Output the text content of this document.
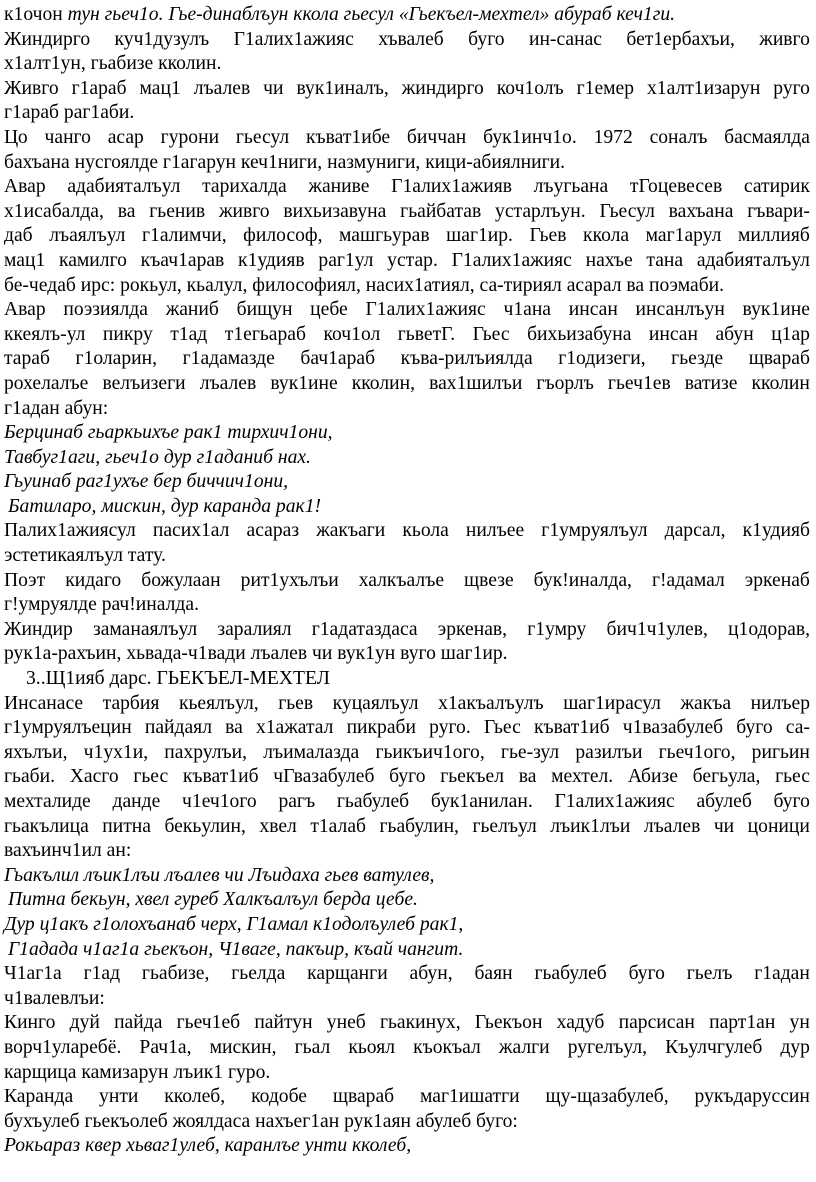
к1очон тун гьеч1о. Гье-динаблъун ккола гьесул «Гьекъел-мехтел» абураб кеч1ги.
Жиндирго куч1дузулъ Г1алих1ажияс хъвалеб буго ин-санас бет1ербахъи, живго
х1алт1ун, гьабизе кколин.
Живго г1араб мац1 лъалев чи вук1иналъ, жиндирго коч1олъ г1емер х1алт1изарун руго
г1араб раг1аби.
Цо чанго асар гурони гьесул къват1ибе биччан бук1инч1о. 1972 соналъ басмаялда
бахъана нусгоялде г1агарун кеч1ниги, назмуниги, кици-абиялниги.
Авар адабияталъул тарихалда жаниве Г1алих1ажияв лъугьана тГоцевесев сатирик
х1исабалда, ва гьенив живго вихьизавуна гьайбатав устарлъун. Гьесул вахъана гъвари-
даб лъаялъул г1алимчи, философ, машгьурав шаг1ир. Гьев ккола маг1арул миллияб
мац1 камилго къач1арав к1удияв раг1ул устар. Г1алих1ажияс нахъе тана адабияталъул
бе-чедаб ирс: рокьул, кьалул, философиял, насих1атиял, са-тириял асарал ва поэмаби.
Авар поэзиялда жаниб бищун цебе Г1алих1ажияс ч1ана инсан инсанлъун вук1ине
ккеялъ-ул пикру т1ад т1егьараб коч1ол гьветГ. Гьес бихьизабуна инсан абун ц1ар
тараб г1оларин, г1адамазде бач1араб къва-рилъиялда г1одизеги, гьезде щвараб
рохелалъе велъизеги лъалев вук1ине кколин, вах1шилъи гъорлъ гьеч1ев ватизе кколин
г1адан абун:
Берцинаб гьаркьихъе рак1 тирхич1они,
Тавбуг1аги, гьеч1о дур г1аданиб нах.
Гьуинаб раг1ухъе бер биччич1они,
Батиларо, мискин, дур каранда рак1!
Палих1ажиясул пасих1ал асараз жакъаги кьола нилъее г1умруялъул дарсал, к1удияб
эстетикаялъул тату.
Поэт кидаго божулаан рит1ухълъи халкъалъе щвезе бук!иналда, г!адамал эркенаб
г!умруялде рач!иналда.
Жиндир заманаялъул заралиял г1адатаздаса эркенав, г1умру бич1ч1улев, ц1одорав,
рук1а-рахъин, хьвада-ч1вади лъалев чи вук1ун вуго шаг1ир.
3..Щ1ияб дарс. ГЬЕКЪЕЛ-МЕХТЕЛ
Инсанасе тарбия кьеялъул, гьев куцаялъул х1акъалъулъ шаг1ирасул жакъа нилъер
г1умруялъецин пайдаял ва х1ажатал пикраби руго. Гьес къват1иб ч1вазабулеб буго са-
яхълъи, ч1ух1и, пахрулъи, лъималазда гьикъич1ого, гье-зул разилъи гьеч1ого, ригьин
гьаби. Хасго гьес къват1иб чГвазабулеб буго гьекъел ва мехтел. Абизе бегьула, гьес
мехталиде данде ч1еч1ого рагъ гьабулеб бук1анилан. Г1алих1ажияс абулеб буго
гьакълица питна бекьулин, хвел т1алаб гьабулин, гьелъул лъик1лъи лъалев чи цоници
вахъинч1ил ан:
Гьакълил лъик1лъи лъалев чи Лъидаха гьев ватулев,
Питна бекьун, хвел гуреб Халкъалъул берда цебе.
Дур ц1акъ г1олохъанаб черх, Г1амал к1одолъулеб рак1,
Г1адада ч1аг1а гьекъон, Ч1ваге, пакъир, къай чангит.
Ч1аг1а г1ад гьабизе, гьелда карщанги абун, баян гьабулеб буго гьелъ г1адан
ч1валевлъи:
Кинго дуй пайда гьеч1еб пайтун унеб гьакинух, Гьекъон хадуб парсисан парт1ан ун
ворч1уларебё. Рач1а, мискин, гьал кьоял къокъал жалги ругелъул, Къулчгулеб дур
карщица камизарун лъик1 гуро.
Каранда унти кколеб, кодобе щвараб маг1ишатги щу-щазабулеб, рукъдаруссин
бухъулеб гьекъолеб жоялдаса нахъег1ан рук1аян абулеб буго:
Рокьараз квер хьваг1улеб, каранлъе унти кколеб,
